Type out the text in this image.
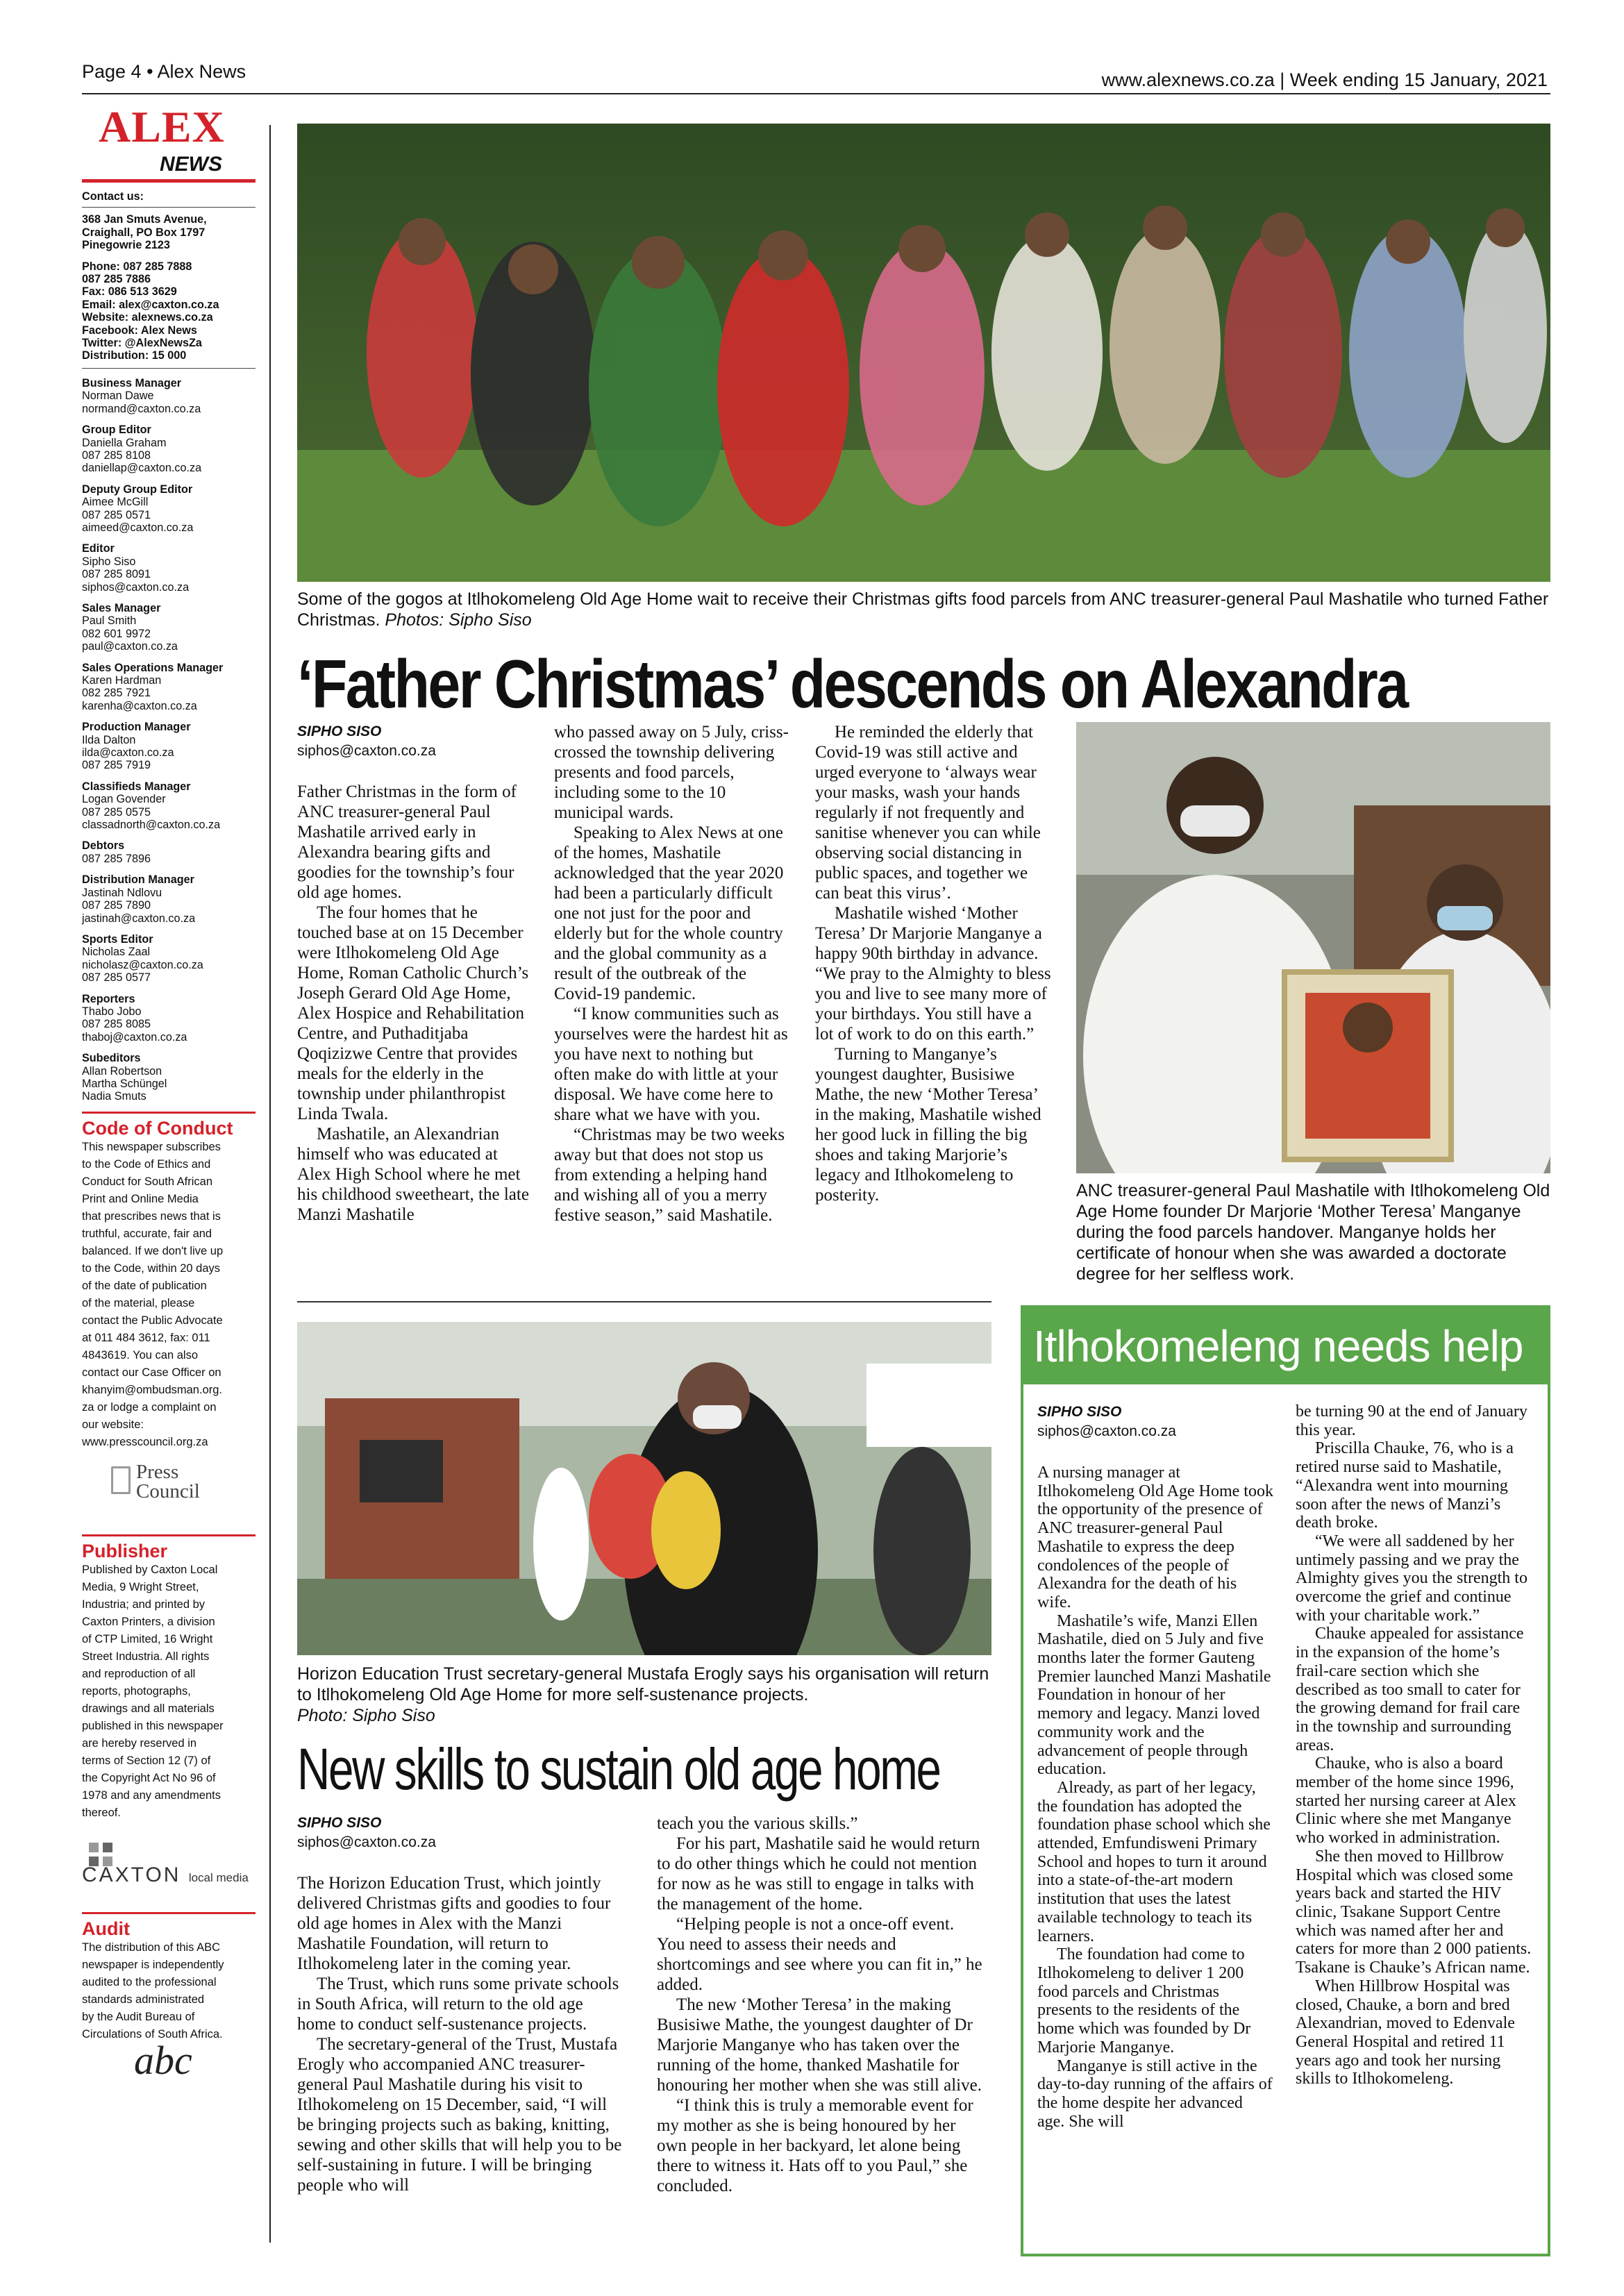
Page 4 • Alex News	www.alexnews.co.za | Week ending 15 January, 2021
ALEX
NEWS
Contact us:
368 Jan Smuts Avenue,
Craighall, PO Box 1797
Pinegowrie 2123
Phone: 087 285 7888
087 285 7886
Fax: 086 513 3629
Email: alex@caxton.co.za
Website: alexnews.co.za
Facebook: Alex News
Twitter: @AlexNewsZa
Distribution: 15 000
Business Manager
Norman Dawe
normand@caxton.co.za
Group Editor
Daniella Graham
087 285 8108
daniellap@caxton.co.za
Deputy Group Editor
Aimee McGill
087 285 0571
aimeed@caxton.co.za
Editor
Sipho Siso
087 285 8091
siphos@caxton.co.za
Sales Manager
Paul Smith
082 601 9972
paul@caxton.co.za
Sales Operations Manager
Karen Hardman
082 285 7921
karenha@caxton.co.za
Production Manager
Ilda Dalton
ilda@caxton.co.za
087 285 7919
Classifieds Manager
Logan Govender
087 285 0575
classadnorth@caxton.co.za
Debtors
087 285 7896
Distribution Manager
Jastinah Ndlovu
087 285 7890
jastinah@caxton.co.za
Sports Editor
Nicholas Zaal
nicholasz@caxton.co.za
087 285 0577
Reporters
Thabo Jobo
087 285 8085
thaboj@caxton.co.za
Subeditors
Allan Robertson
Martha Schüngel
Nadia Smuts
Code of Conduct
This newspaper subscribes
to the Code of Ethics and
Conduct for South African
Print and Online Media
that prescribes news that is
truthful, accurate, fair and
balanced. If we don't live up
to the Code, within 20 days
of the date of publication
of the material, please
contact the Public Advocate
at 011 484 3612, fax: 011
4843619. You can also
contact our Case Officer on
khanyim@ombudsman.org.
za or lodge a complaint on
our website:
www.presscouncil.org.za
Press
Council
Publisher
Published by Caxton Local
Media, 9 Wright Street,
Industria; and printed by
Caxton Printers, a division
of CTP Limited, 16 Wright
Street Industria. All rights
and reproduction of all
reports, photographs,
drawings and all materials
published in this newspaper
are hereby reserved in
terms of Section 12 (7) of
the Copyright Act No 96 of
1978 and any amendments
thereof.
CAXTON local media
Audit
The distribution of this ABC
newspaper is independently
audited to the professional
standards administrated
by the Audit Bureau of
Circulations of South Africa.
abc
Some of the gogos at Itlhokomeleng Old Age Home wait to receive their Christmas gifts food parcels from ANC treasurer-general Paul Mashatile who turned Father Christmas. Photos: Sipho Siso
‘Father Christmas’ descends on Alexandra
SIPHO SISO
siphos@caxton.co.za

Father Christmas in the form of ANC treasurer-general Paul Mashatile arrived early in Alexandra bearing gifts and goodies for the township’s four old age homes.

The four homes that he touched base at on 15 December were Itlhokomeleng Old Age Home, Roman Catholic Church’s Joseph Gerard Old Age Home, Alex Hospice and Rehabilitation Centre, and Puthaditjaba Qoqizizwe Centre that provides meals for the elderly in the township under philanthropist Linda Twala.

Mashatile, an Alexandrian himself who was educated at Alex High School where he met his childhood sweetheart, the late Manzi Mashatile

who passed away on 5 July, criss-crossed the township delivering presents and food parcels, including some to the 10 municipal wards.

Speaking to Alex News at one of the homes, Mashatile acknowledged that the year 2020 had been a particularly difficult one not just for the poor and elderly but for the whole country and the global community as a result of the outbreak of the Covid-19 pandemic.

“I know communities such as yourselves were the hardest hit as you have next to nothing but often make do with little at your disposal. We have come here to share what we have with you.

“Christmas may be two weeks away but that does not stop us from extending a helping hand and wishing all of you a merry festive season,” said Mashatile.

He reminded the elderly that Covid-19 was still active and urged everyone to ‘always wear your masks, wash your hands regularly if not frequently and sanitise whenever you can while observing social distancing in public spaces, and together we can beat this virus’.

Mashatile wished ‘Mother Teresa’ Dr Marjorie Manganye a happy 90th birthday in advance. “We pray to the Almighty to bless you and live to see many more of your birthdays. You still have a lot of work to do on this earth.”

Turning to Manganye’s youngest daughter, Busisiwe Mathe, the new ‘Mother Teresa’ in the making, Mashatile wished her good luck in filling the big shoes and taking Marjorie’s legacy and Itlhokomeleng to posterity.	ANC treasurer-general Paul Mashatile with Itlhokomeleng Old Age Home founder Dr Marjorie ‘Mother Teresa’ Manganye during the food parcels handover. Manganye holds her certificate of honour when she was awarded a doctorate degree for her selfless work.
Horizon Education Trust secretary-general Mustafa Erogly says his organisation will return to Itlhokomeleng Old Age Home for more self-sustenance projects.
Photo: Sipho Siso
New skills to sustain old age home
SIPHO SISO
siphos@caxton.co.za

The Horizon Education Trust, which jointly delivered Christmas gifts and goodies to four old age homes in Alex with the Manzi Mashatile Foundation, will return to Itlhokomeleng later in the coming year.

The Trust, which runs some private schools in South Africa, will return to the old age home to conduct self-sustenance projects.

The secretary-general of the Trust, Mustafa Erogly who accompanied ANC treasurer-general Paul Mashatile during his visit to Itlhokomeleng on 15 December, said, “I will be bringing projects such as baking, knitting, sewing and other skills that will help you to be self-sustaining in future. I will be bringing people who will

teach you the various skills.”

For his part, Mashatile said he would return to do other things which he could not mention for now as he was still to engage in talks with the management of the home.

“Helping people is not a once-off event. You need to assess their needs and shortcomings and see where you can fit in,” he added.

The new ‘Mother Teresa’ in the making Busisiwe Mathe, the youngest daughter of Dr Marjorie Manganye who has taken over the running of the home, thanked Mashatile for honouring her mother when she was still alive.

“I think this is truly a memorable event for my mother as she is being honoured by her own people in her backyard, let alone being there to witness it. Hats off to you Paul,” she concluded.

Itlhokomeleng needs help
SIPHO SISO
siphos@caxton.co.za

A nursing manager at Itlhokomeleng Old Age Home took the opportunity of the presence of ANC treasurer-general Paul Mashatile to express the deep condolences of the people of Alexandra for the death of his wife.

Mashatile’s wife, Manzi Ellen Mashatile, died on 5 July and five months later the former Gauteng Premier launched Manzi Mashatile Foundation in honour of her memory and legacy. Manzi loved community work and the advancement of people through education.

Already, as part of her legacy, the foundation has adopted the foundation phase school which she attended, Emfundisweni Primary School and hopes to turn it around into a state-of-the-art modern institution that uses the latest available technology to teach its learners.

The foundation had come to Itlhokomeleng to deliver 1 200 food parcels and Christmas presents to the residents of the home which was founded by Dr Marjorie Manganye.

Manganye is still active in the day-to-day running of the affairs of the home despite her advanced age. She will

be turning 90 at the end of January this year.

Priscilla Chauke, 76, who is a retired nurse said to Mashatile, “Alexandra went into mourning soon after the news of Manzi’s death broke.

“We were all saddened by her untimely passing and we pray the Almighty gives you the strength to overcome the grief and continue with your charitable work.”

Chauke appealed for assistance in the expansion of the home’s frail-care section which she described as too small to cater for the growing demand for frail care in the township and surrounding areas.

Chauke, who is also a board member of the home since 1996, started her nursing career at Alex Clinic where she met Manganye who worked in administration.

She then moved to Hillbrow Hospital which was closed some years back and started the HIV clinic, Tsakane Support Centre which was named after her and caters for more than 2 000 patients. Tsakane is Chauke’s African name.

When Hillbrow Hospital was closed, Chauke, a born and bred Alexandrian, moved to Edenvale General Hospital and retired 11 years ago and took her nursing skills to Itlhokomeleng.
